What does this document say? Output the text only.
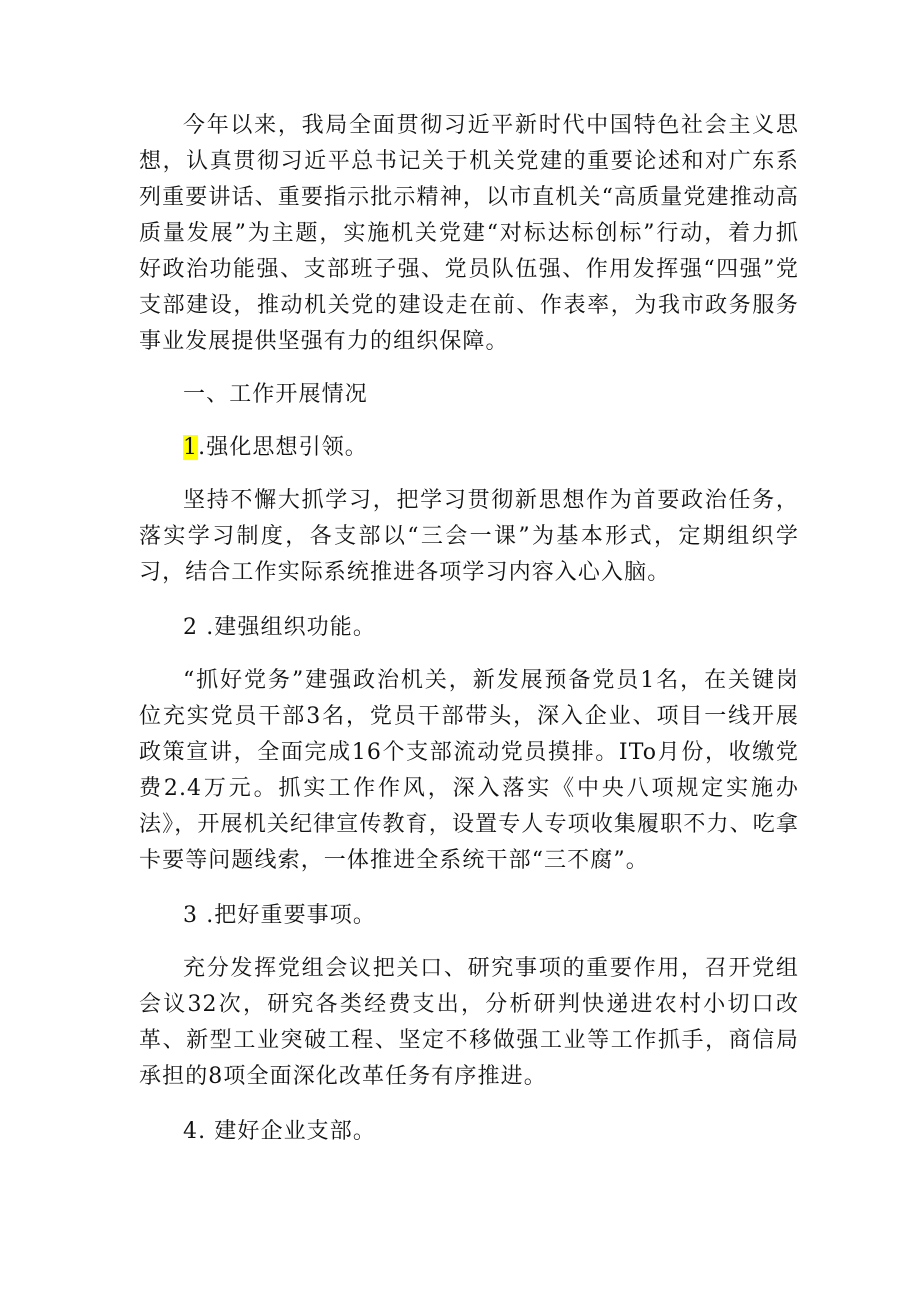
今年以来，我局全面贯彻习近平新时代中国特色社会主义思想，认真贯彻习近平总书记关于机关党建的重要论述和对广东系列重要讲话、重要指示批示精神，以市直机关“高质量党建推动高质量发展”为主题，实施机关党建“对标达标创标”行动，着力抓好政治功能强、支部班子强、党员队伍强、作用发挥强“四强”党支部建设，推动机关党的建设走在前、作表率，为我市政务服务事业发展提供坚强有力的组织保障。

一、工作开展情况

1.强化思想引领。

坚持不懈大抓学习，把学习贯彻新思想作为首要政治任务，落实学习制度，各支部以“三会一课”为基本形式，定期组织学习，结合工作实际系统推进各项学习内容入心入脑。

2 .建强组织功能。

“抓好党务”建强政治机关，新发展预备党员1名，在关键岗位充实党员干部3名，党员干部带头，深入企业、项目一线开展政策宣讲，全面完成16个支部流动党员摸排。ITo月份，收缴党费2.4万元。抓实工作作风，深入落实《中央八项规定实施办法》，开展机关纪律宣传教育，设置专人专项收集履职不力、吃拿卡要等问题线索，一体推进全系统干部“三不腐”。

3 .把好重要事项。

充分发挥党组会议把关口、研究事项的重要作用，召开党组会议32次，研究各类经费支出，分析研判快递进农村小切口改革、新型工业突破工程、坚定不移做强工业等工作抓手，商信局承担的8项全面深化改革任务有序推进。

4. 建好企业支部。
